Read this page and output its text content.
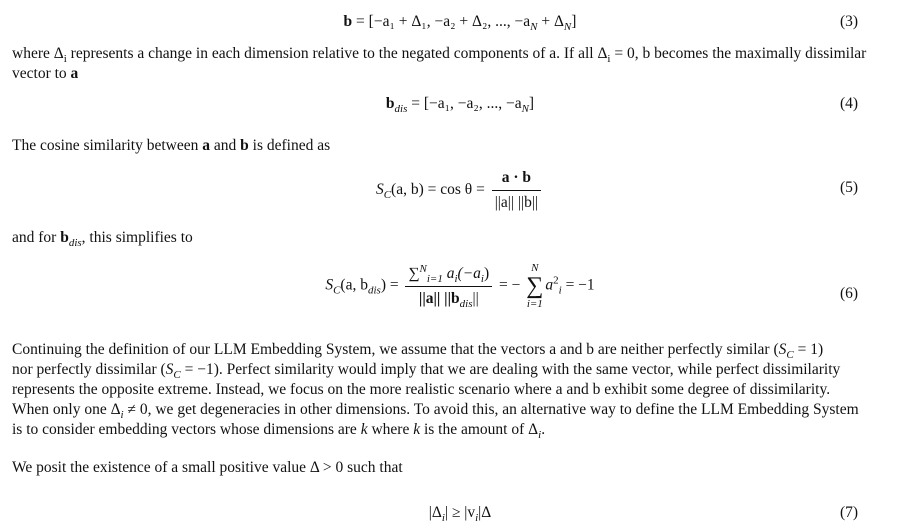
b = [−a₁ + Δ₁, −a₂ + Δ₂, ..., $-a_N + \Delta_N$]	(3)
where $\Delta_i$ represents a change in each dimension relative to the negated components of a. If all $\Delta_i = 0$, b becomes the maximally dissimilar
vector to a
$b_{dis} = [-a_1$, −a₂, ..., $-a_N$]	(4)
The cosine similarity between a and b is defined as
$S_C(a$, $b) = \cos \theta = \frac{a \cdot b}{||a|| ||b||}$	(5)
and for $b_{dis}$, this simplifies to
$S_C(a$, $b_{dis}) = \frac{\sum^N_{i=1} a_i(-a_i)}{||a|| ||b_{dis}||}$ = −
N
∑
i=1
$a^2_i = -1$	(6)
Continuing the definition of our LLM Embedding System, we assume that the vectors a and b are neither perfectly similar $(S_C = 1)$
nor perfectly dissimilar $(S_C = -1)$. Perfect similarity would imply that we are dealing with the same vector, while perfect dissimilarity
represents the opposite extreme. Instead, we focus on the more realistic scenario where a and b exhibit some degree of dissimilarity.
When only one $\Delta_i \ne 0$, we get degeneracies in other dimensions. To avoid this, an alternative way to define the LLM Embedding System
is to consider embedding vectors whose dimensions are k where k is the amount of $\Delta_i$.
We posit the existence of a small positive value Δ > 0 such that
$|\Delta_i| \ge |v_i|\Delta$	(7)
